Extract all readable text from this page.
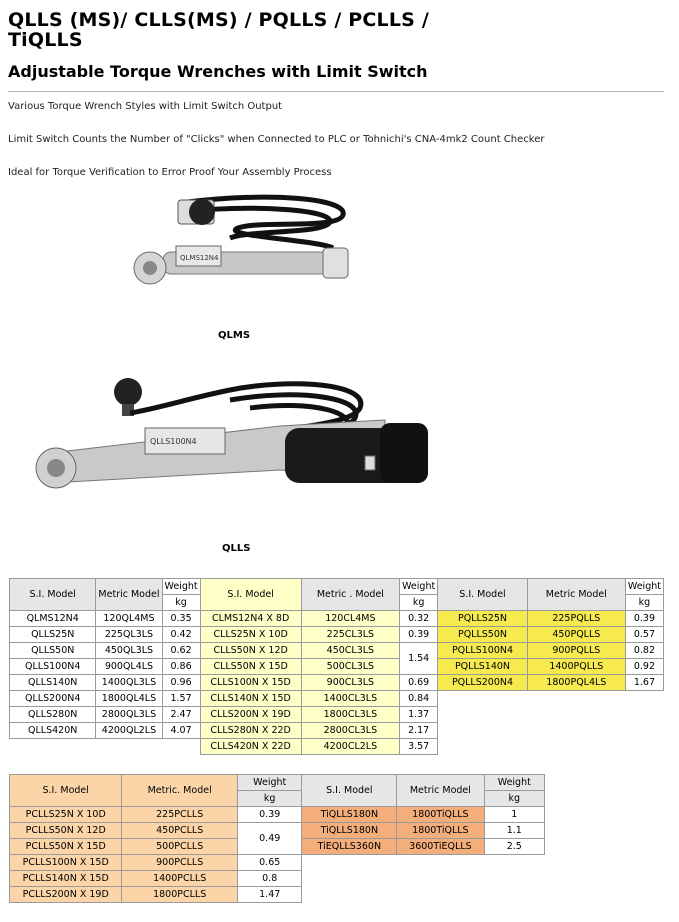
QLLS (MS)/ CLLS(MS) / PQLLS / PCLLS / TiQLLS
Adjustable Torque Wrenches with Limit Switch
Various Torque Wrench Styles with Limit Switch Output
Limit Switch Counts the Number of "Clicks" when Connected to PLC or Tohnichi's CNA-4mk2 Count Checker
Ideal for Torque Verification to Error Proof Your Assembly Process
QLMS12N4
QLMS
QLLS100N4
QLLS
S.I. Model	Metric Model	Weight	S.I. Model	Metric . Model	Weight	S.I. Model	Metric Model	Weight
		kg			kg			kg
QLMS12N4	120QL4MS	0.35	CLMS12N4 X 8D	120CL4MS	0.32	PQLLS25N	225PQLLS	0.39
QLLS25N	225QL3LS	0.42	CLLS25N X 10D	225CL3LS	0.39	PQLLS50N	450PQLLS	0.57
QLLS50N	450QL3LS	0.62	CLLS50N X 12D	450CL3LS	1.54	PQLLS100N4	900PQLLS	0.82
QLLS100N4	900QL4LS	0.86	CLLS50N X 15D	500CL3LS		PQLLS140N	1400PQLLS	0.92
QLLS140N	1400QL3LS	0.96	CLLS100N X 15D	900CL3LS	0.69	PQLLS200N4	1800PQL4LS	1.67
QLLS200N4	1800QL4LS	1.57	CLLS140N X 15D	1400CL3LS	0.84			
QLLS280N	2800QL3LS	2.47	CLLS200N X 19D	1800CL3LS	1.37			
QLLS420N	4200QL2LS	4.07	CLLS280N X 22D	2800CL3LS	2.17			
			CLLS420N X 22D	4200CL2LS	3.57			
S.I. Model	Metric. Model	Weight	S.I. Model	Metric Model	Weight
		kg			kg
PCLLS25N X 10D	225PCLLS	0.39	TiQLLS180N	1800TiQLLS	1
PCLLS50N X 12D	450PCLLS	0.49	TiQLLS180N	1800TiQLLS	1.1
PCLLS50N X 15D	500PCLLS		TiEQLLS360N	3600TiEQLLS	2.5
PCLLS100N X 15D	900PCLLS	0.65			
PCLLS140N X 15D	1400PCLLS	0.8			
PCLLS200N X 19D	1800PCLLS	1.47			
